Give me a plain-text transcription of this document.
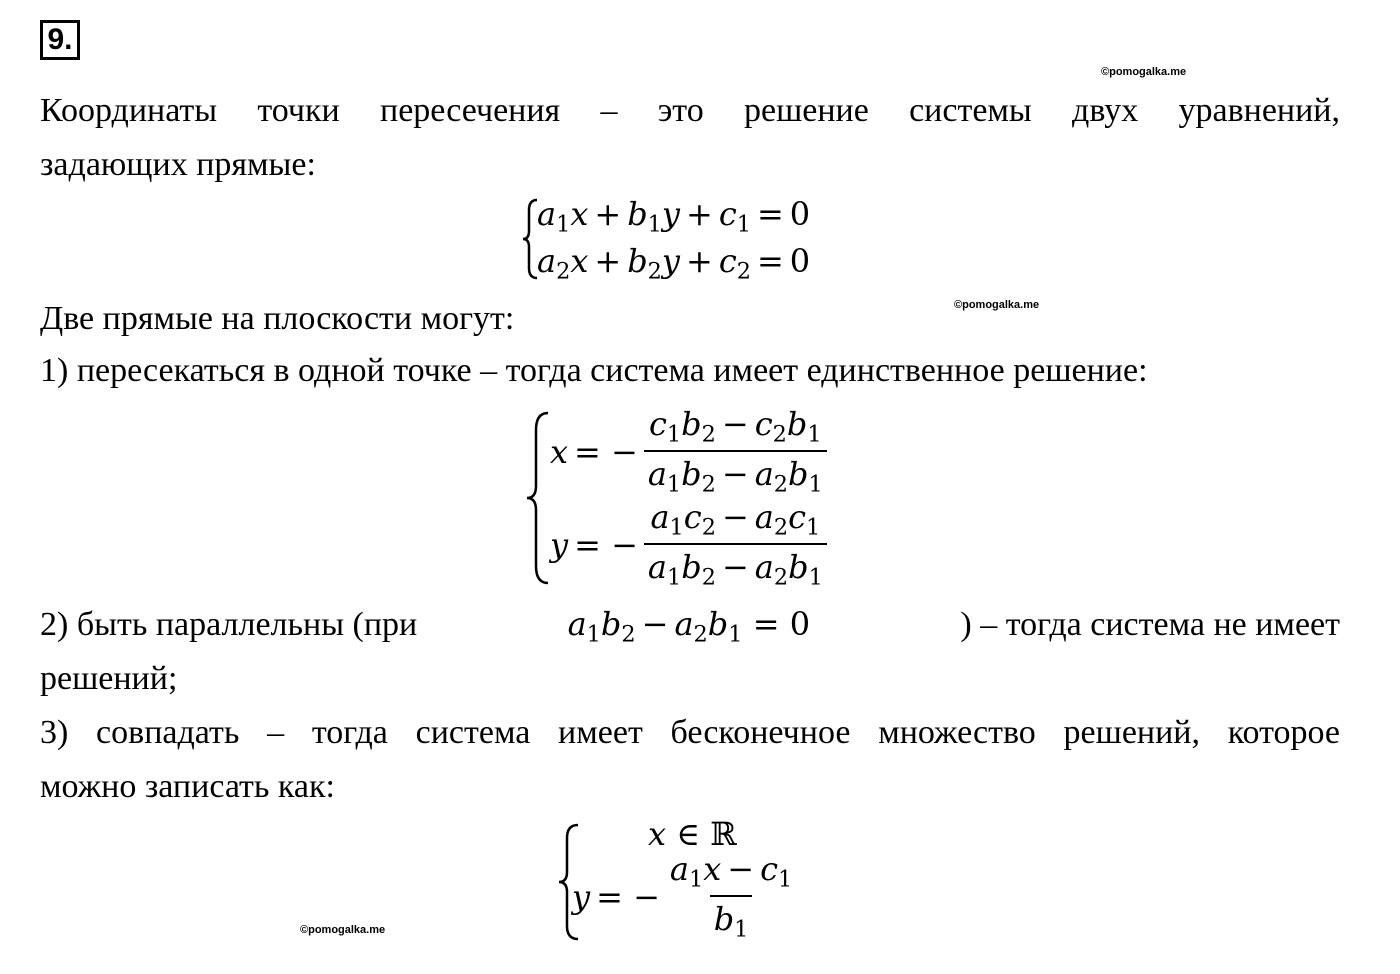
9.
©pomogalka.me
©pomogalka.me
©pomogalka.me
Координаты точки пересечения – это решение системы двух уравнений,
задающих прямые:
$a_1x + b_1y + c_1 = 0$
$a_2x + b_2y + c_2 = 0$
Две прямые на плоскости могут:
1) пересекаться в одной точке – тогда система имеет единственное решение:
x = − $\frac{c_1b_2 - c_2b_1}{a_1b_2 - a_2b_1}$
y = − $\frac{a_1c_2 - a_2c_1}{a_1b_2 - a_2b_1}$
2) быть параллельны (при	$a_1b_2 - a_2b_1 = 0$	) – тогда система не имеет
решений;
3) совпадать – тогда система имеет бесконечное множество решений, которое
можно записать как:
x ∈ ℝ
y = − $\frac{a_1x - c_1}{b_1}$
